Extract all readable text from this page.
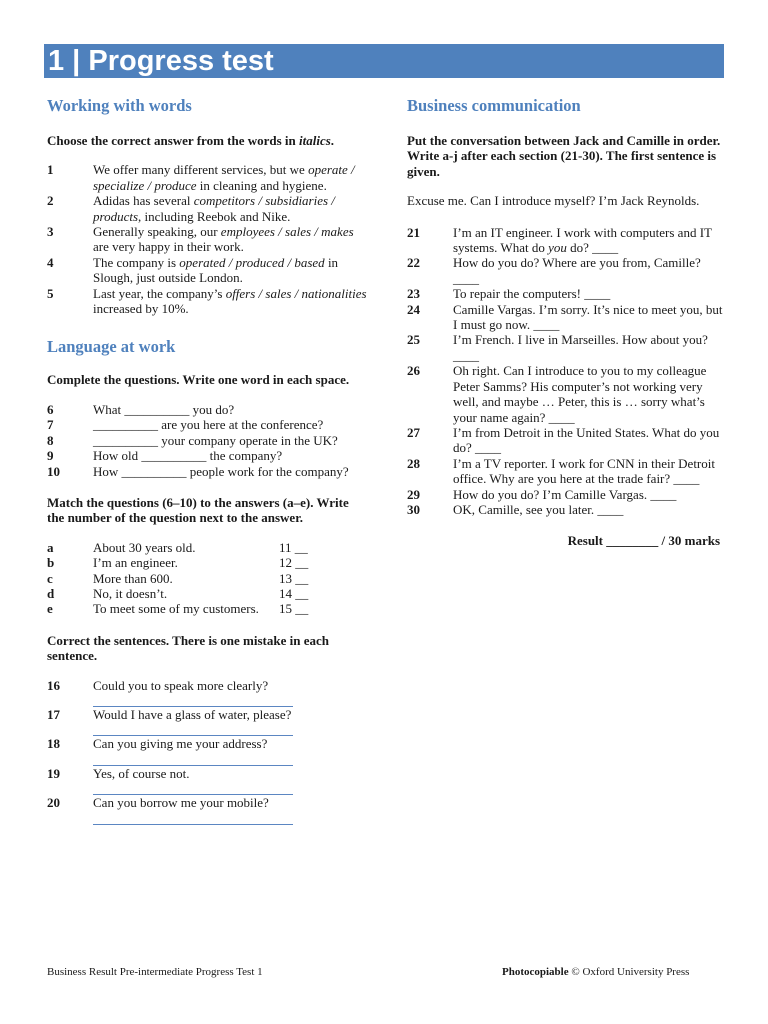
1 | Progress test
Working with words
Choose the correct answer from the words in italics.
1	We offer many different services, but we operate / specialize / produce in cleaning and hygiene.
2	Adidas has several competitors / subsidiaries / products, including Reebok and Nike.
3	Generally speaking, our employees / sales / makes are very happy in their work.
4	The company is operated / produced / based in Slough, just outside London.
5	Last year, the company’s offers / sales / nationalities increased by 10%.
Language at work
Complete the questions. Write one word in each space.
6	What __________ you do?
7	__________ are you here at the conference?
8	__________ your company operate in the UK?
9	How old __________ the company?
10	How __________ people work for the company?
Match the questions (6–10) to the answers (a–e). Write the number of the question next to the answer.
a	About 30 years old.	11 __
b	I’m an engineer.	12 __
c	More than 600.	13 __
d	No, it doesn’t.	14 __
e	To meet some of my customers.	15 __
Correct the sentences. There is one mistake in each sentence.
16	Could you to speak more clearly?
17	Would I have a glass of water, please?
18	Can you giving me your address?
19	Yes, of course not.
20	Can you borrow me your mobile?
Business communication
Put the conversation between Jack and Camille in order. Write a-j after each section (21-30). The first sentence is given.
Excuse me. Can I introduce myself? I’m Jack Reynolds.
21	I’m an IT engineer. I work with computers and IT systems. What do you do? ____
22	How do you do? Where are you from, Camille? ____
23	To repair the computers! ____
24	Camille Vargas. I’m sorry. It’s nice to meet you, but I must go now. ____
25	I’m French. I live in Marseilles. How about you? ____
26	Oh right. Can I introduce to you to my colleague Peter Samms? His computer’s not working very well, and maybe … Peter, this is … sorry what’s your name again? ____
27	I’m from Detroit in the United States. What do you do? ____
28	I’m a TV reporter. I work for CNN in their Detroit office. Why are you here at the trade fair? ____
29	How do you do? I’m Camille Vargas. ____
30	OK, Camille, see you later. ____
Result ________ / 30 marks
Business Result Pre-intermediate Progress Test 1	Photocopiable © Oxford University Press
